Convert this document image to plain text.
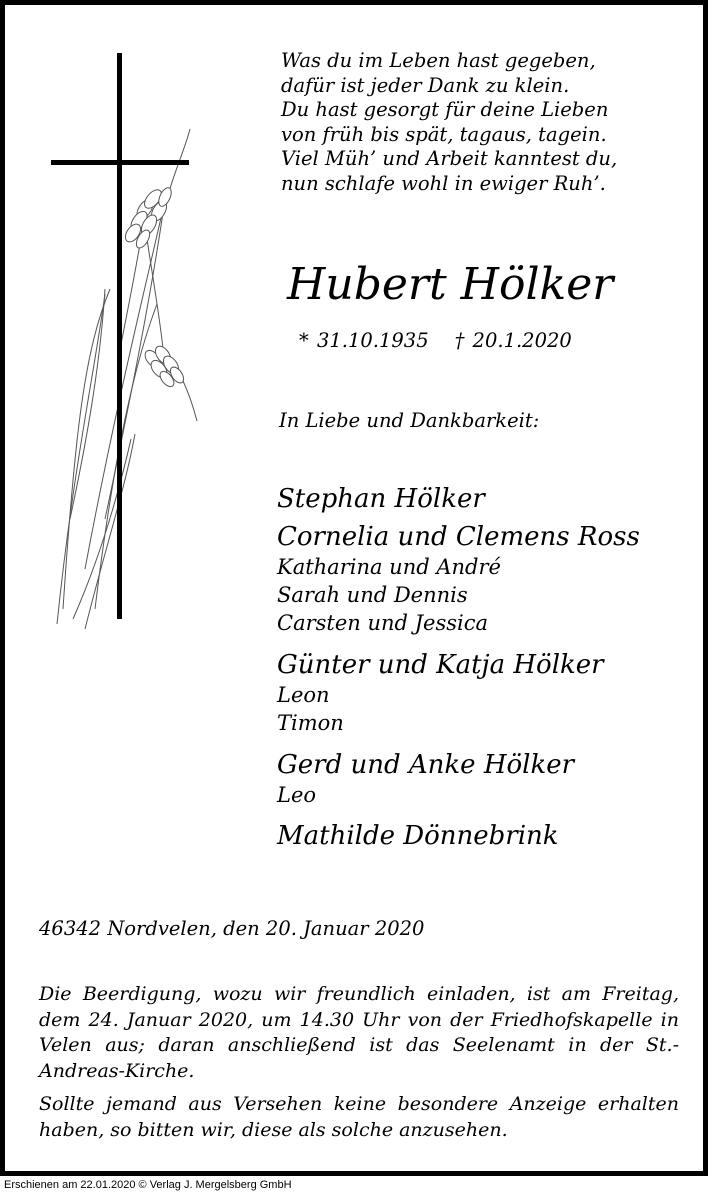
Was du im Leben hast gegeben,
dafür ist jeder Dank zu klein.
Du hast gesorgt für deine Lieben
von früh bis spät, tagaus, tagein.
Viel Müh’ und Arbeit kanntest du,
nun schlafe wohl in ewiger Ruh’.
Hubert Hölker
* 31.10.1935 † 20.1.2020
In Liebe und Dankbarkeit:
Stephan Hölker
Cornelia und Clemens Ross
Katharina und André
Sarah und Dennis
Carsten und Jessica
Günter und Katja Hölker
Leon
Timon
Gerd und Anke Hölker
Leo
Mathilde Dönnebrink
46342 Nordvelen, den 20. Januar 2020
Die Beerdigung, wozu wir freundlich einladen, ist am Freitag, dem 24. Januar 2020, um 14.30 Uhr von der Friedhofskapelle in Velen aus; daran anschließend ist das Seelenamt in der St.-Andreas-Kirche.
Sollte jemand aus Versehen keine besondere Anzeige erhalten haben, so bitten wir, diese als solche anzusehen.
Erschienen am 22.01.2020 © Verlag J. Mergelsberg GmbH
